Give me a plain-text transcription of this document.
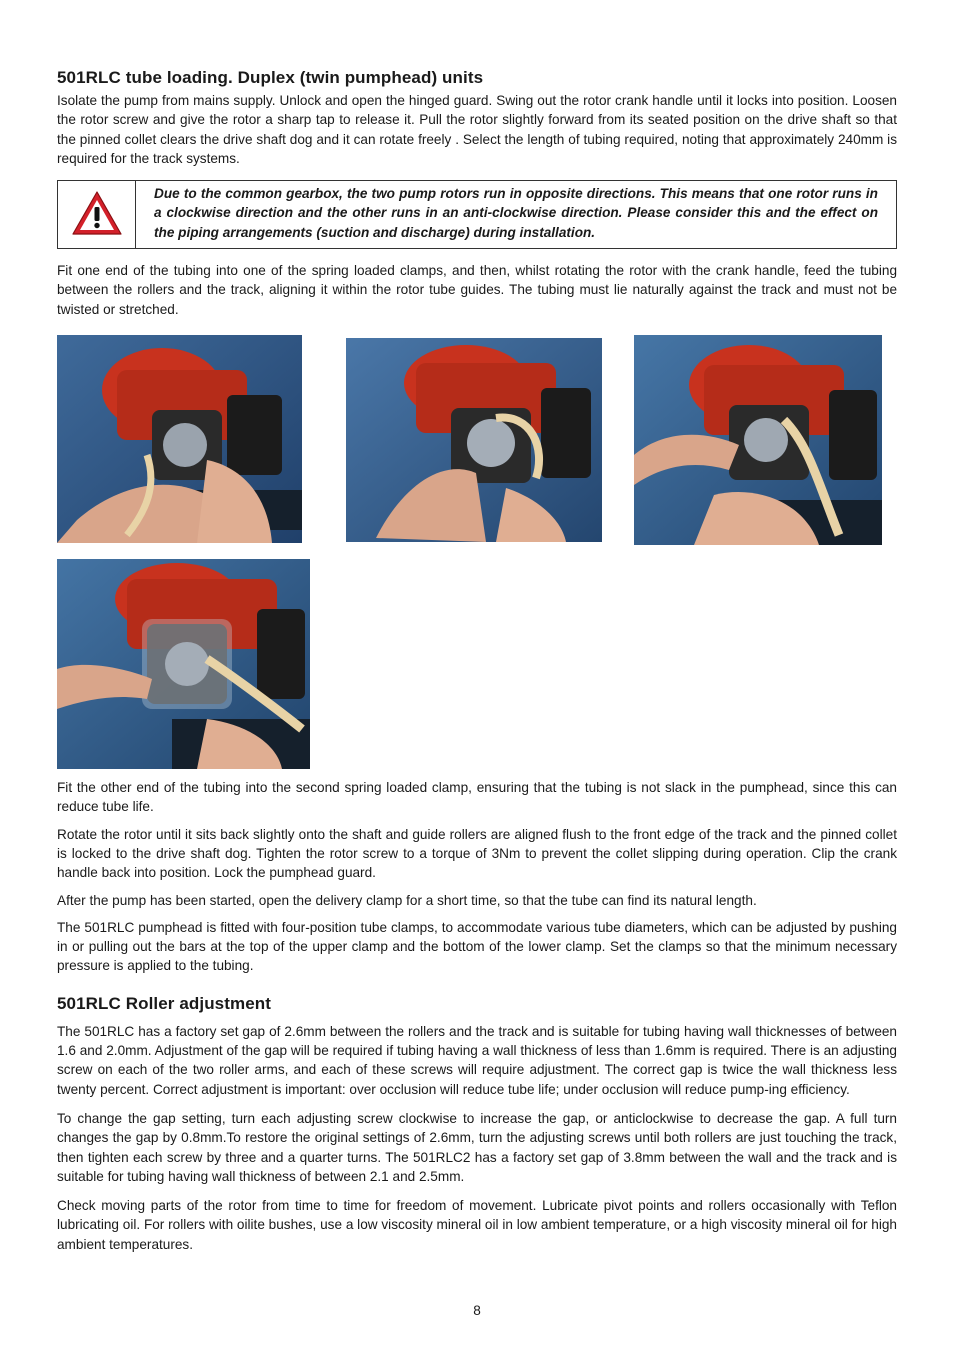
501RLC tube loading. Duplex (twin pumphead) units

Isolate the pump from mains supply. Unlock and open the hinged guard. Swing out the rotor crank handle until it locks into position. Loosen the rotor screw and give the rotor a sharp tap to release it. Pull the rotor slightly forward from its seated position on the drive shaft so that the pinned collet clears the drive shaft dog and it can rotate freely . Select the length of tubing required, noting that approximately 240mm is required for the track systems.

Due to the common gearbox, the two pump rotors run in opposite directions. This means that one rotor runs in a clockwise direction and the other runs in an anti-clockwise direction. Please consider this and the effect on the piping arrangements (suction and discharge) during installation.

Fit one end of the tubing into one of the spring loaded clamps, and then, whilst rotating the rotor with the crank handle, feed the tubing between the rollers and the track, aligning it within the rotor tube guides. The tubing must lie naturally against the track and must not be twisted or stretched.

Fit the other end of the tubing into the second spring loaded clamp, ensuring that the tubing is not slack in the pumphead, since this can reduce tube life.

Rotate the rotor until it sits back slightly onto the shaft and guide rollers are aligned flush to the front edge of the track and the pinned collet is locked to the drive shaft dog. Tighten the rotor screw to a torque of 3Nm to prevent the collet slipping during operation. Clip the crank handle back into position. Lock the pumphead guard.

After the pump has been started, open the delivery clamp for a short time, so that the tube can find its natural length.

The 501RLC pumphead is fitted with four-position tube clamps, to accommodate various tube diameters, which can be adjusted by pushing in or pulling out the bars at the top of the upper clamp and the bottom of the lower clamp. Set the clamps so that the minimum necessary pressure is applied to the tubing.

501RLC Roller adjustment

The 501RLC has a factory set gap of 2.6mm between the rollers and the track and is suitable for tubing having wall thicknesses of between 1.6 and 2.0mm. Adjustment of the gap will be required if tubing having a wall thickness of less than 1.6mm is required. There is an adjusting screw on each of the two roller arms, and each of these screws will require adjustment. The correct gap is twice the wall thickness less twenty percent. Correct adjustment is important: over occlusion will reduce tube life; under occlusion will reduce pump-ing efficiency.

To change the gap setting, turn each adjusting screw clockwise to increase the gap, or anticlockwise to decrease the gap. A full turn changes the gap by 0.8mm.To restore the original settings of 2.6mm, turn the adjusting screws until both rollers are just touching the track, then tighten each screw by three and a quarter turns. The 501RLC2 has a factory set gap of 3.8mm between the wall and the track and is suitable for tubing having wall thickness of between 2.1 and 2.5mm.

Check moving parts of the rotor from time to time for freedom of movement. Lubricate pivot points and rollers occasionally with Teflon lubricating oil. For rollers with oilite bushes, use a low viscosity mineral oil in low ambient temperature, or a high viscosity mineral oil for high ambient temperatures.

8
